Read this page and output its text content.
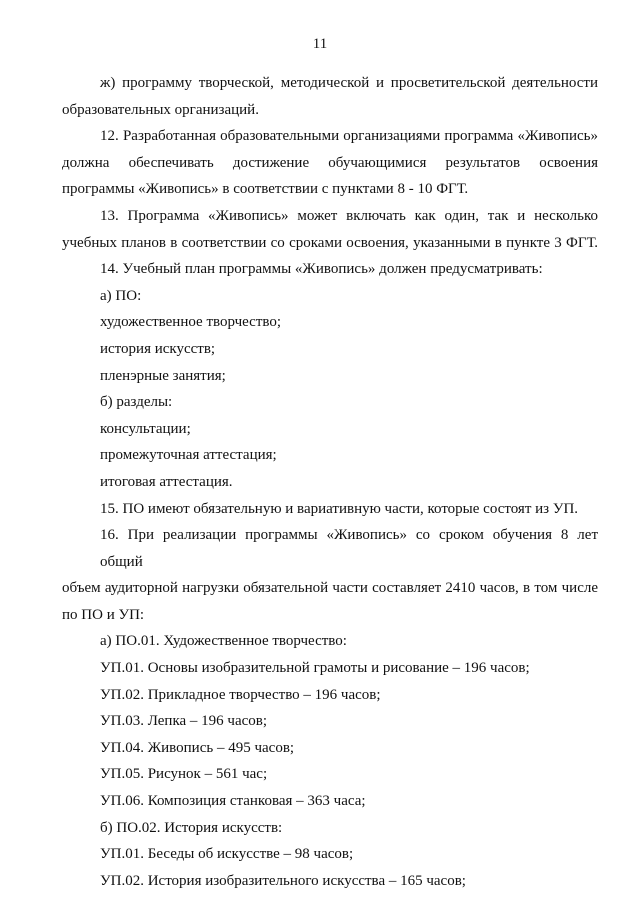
11
ж) программу творческой, методической и просветительской деятельности
образовательных организаций.
12. Разработанная образовательными организациями программа «Живопись»
должна обеспечивать достижение обучающимися результатов освоения
программы «Живопись» в соответствии с пунктами 8 - 10 ФГТ.
13. Программа «Живопись» может включать как один, так и несколько
учебных планов в соответствии со сроками освоения, указанными в пункте 3 ФГТ.
14. Учебный план программы «Живопись» должен предусматривать:
а) ПО:
художественное творчество;
история искусств;
пленэрные занятия;
б) разделы:
консультации;
промежуточная аттестация;
итоговая аттестация.
15. ПО имеют обязательную и вариативную части, которые состоят из УП.
16. При реализации программы «Живопись» со сроком обучения 8 лет общий
объем аудиторной нагрузки обязательной части составляет 2410 часов, в том числе
по ПО и УП:
а) ПО.01. Художественное творчество:
УП.01. Основы изобразительной грамоты и рисование – 196 часов;
УП.02. Прикладное творчество – 196 часов;
УП.03. Лепка – 196 часов;
УП.04. Живопись – 495 часов;
УП.05. Рисунок – 561 час;
УП.06. Композиция станковая – 363 часа;
б) ПО.02. История искусств:
УП.01. Беседы об искусстве – 98 часов;
УП.02. История изобразительного искусства – 165 часов;
